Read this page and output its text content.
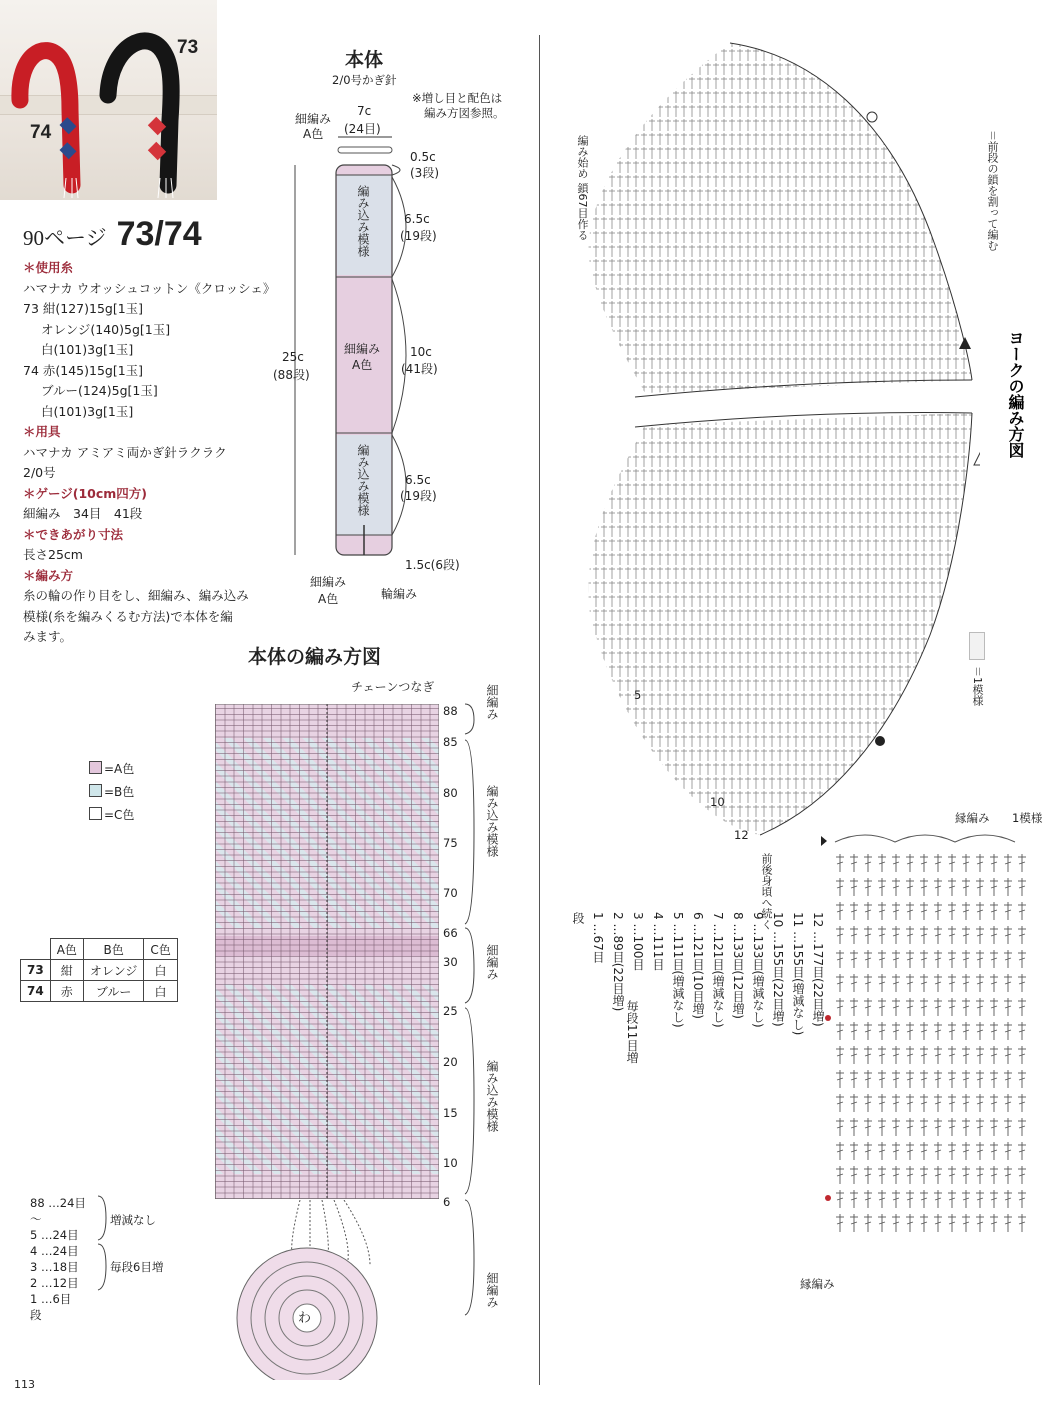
73
74
90ページ 73/74
＊使用糸
ハマナカ ウオッシュコットン《クロッシェ》
73 紺(127)15g[1玉]
オレンジ(140)5g[1玉]
白(101)3g[1玉]
74 赤(145)15g[1玉]
ブルー(124)5g[1玉]
白(101)3g[1玉]
＊用具
ハマナカ アミアミ両かぎ針ラクラク
2/0号
＊ゲージ(10cm四方)
細編み　34目　41段
＊できあがり寸法
長さ25cm
＊編み方
糸の輪の作り目をし、細編み、編み込み
模様(糸を編みくるむ方法)で本体を編
みます。
本体
2/0号かぎ針
※増し目と配色は
編み方図参照。
細編み
A色
7c
(24目)
0.5c
(3段)
6.5c
(19段)
10c
(41段)
6.5c
(19段)
1.5c(6段)
25c
(88段)
編み込み模様
細編み
A色
編み込み模様
細編み
A色	輪編み
本体の編み方図
チェーンつなぎ
88
85
80
75
70
66
30
25
20
15
10
6
細編み
編み込み模様
細編み
編み込み模様
細編み
わ
=A色
=B色
=C色
	A色	B色	C色
73	紺	オレンジ	白
74	赤	ブルー	白
88 …24目
〜
5 …24目
4 …24目
3 …18目
2 …12目
1 …6目
段
増減なし
毎段6目増
ヨークの編み方図
編み始め 鎖67目作る	＝前段の鎖を割って編む
＝1模様
5
10
12
前後身頃へ続く
12 …177目(22目増)
11 …155目(増減なし)
10 …155目(22目増)
9 …133目(増減なし)
8 …133目(12目増)
7 …121目(増減なし)
6 …121目(10目増)
5 …111目(増減なし)
4 …111目
3 …100目
2 …89目(22目増)
1 …67目
段
毎段11目増
縁編み 1模様
縁編み
113
